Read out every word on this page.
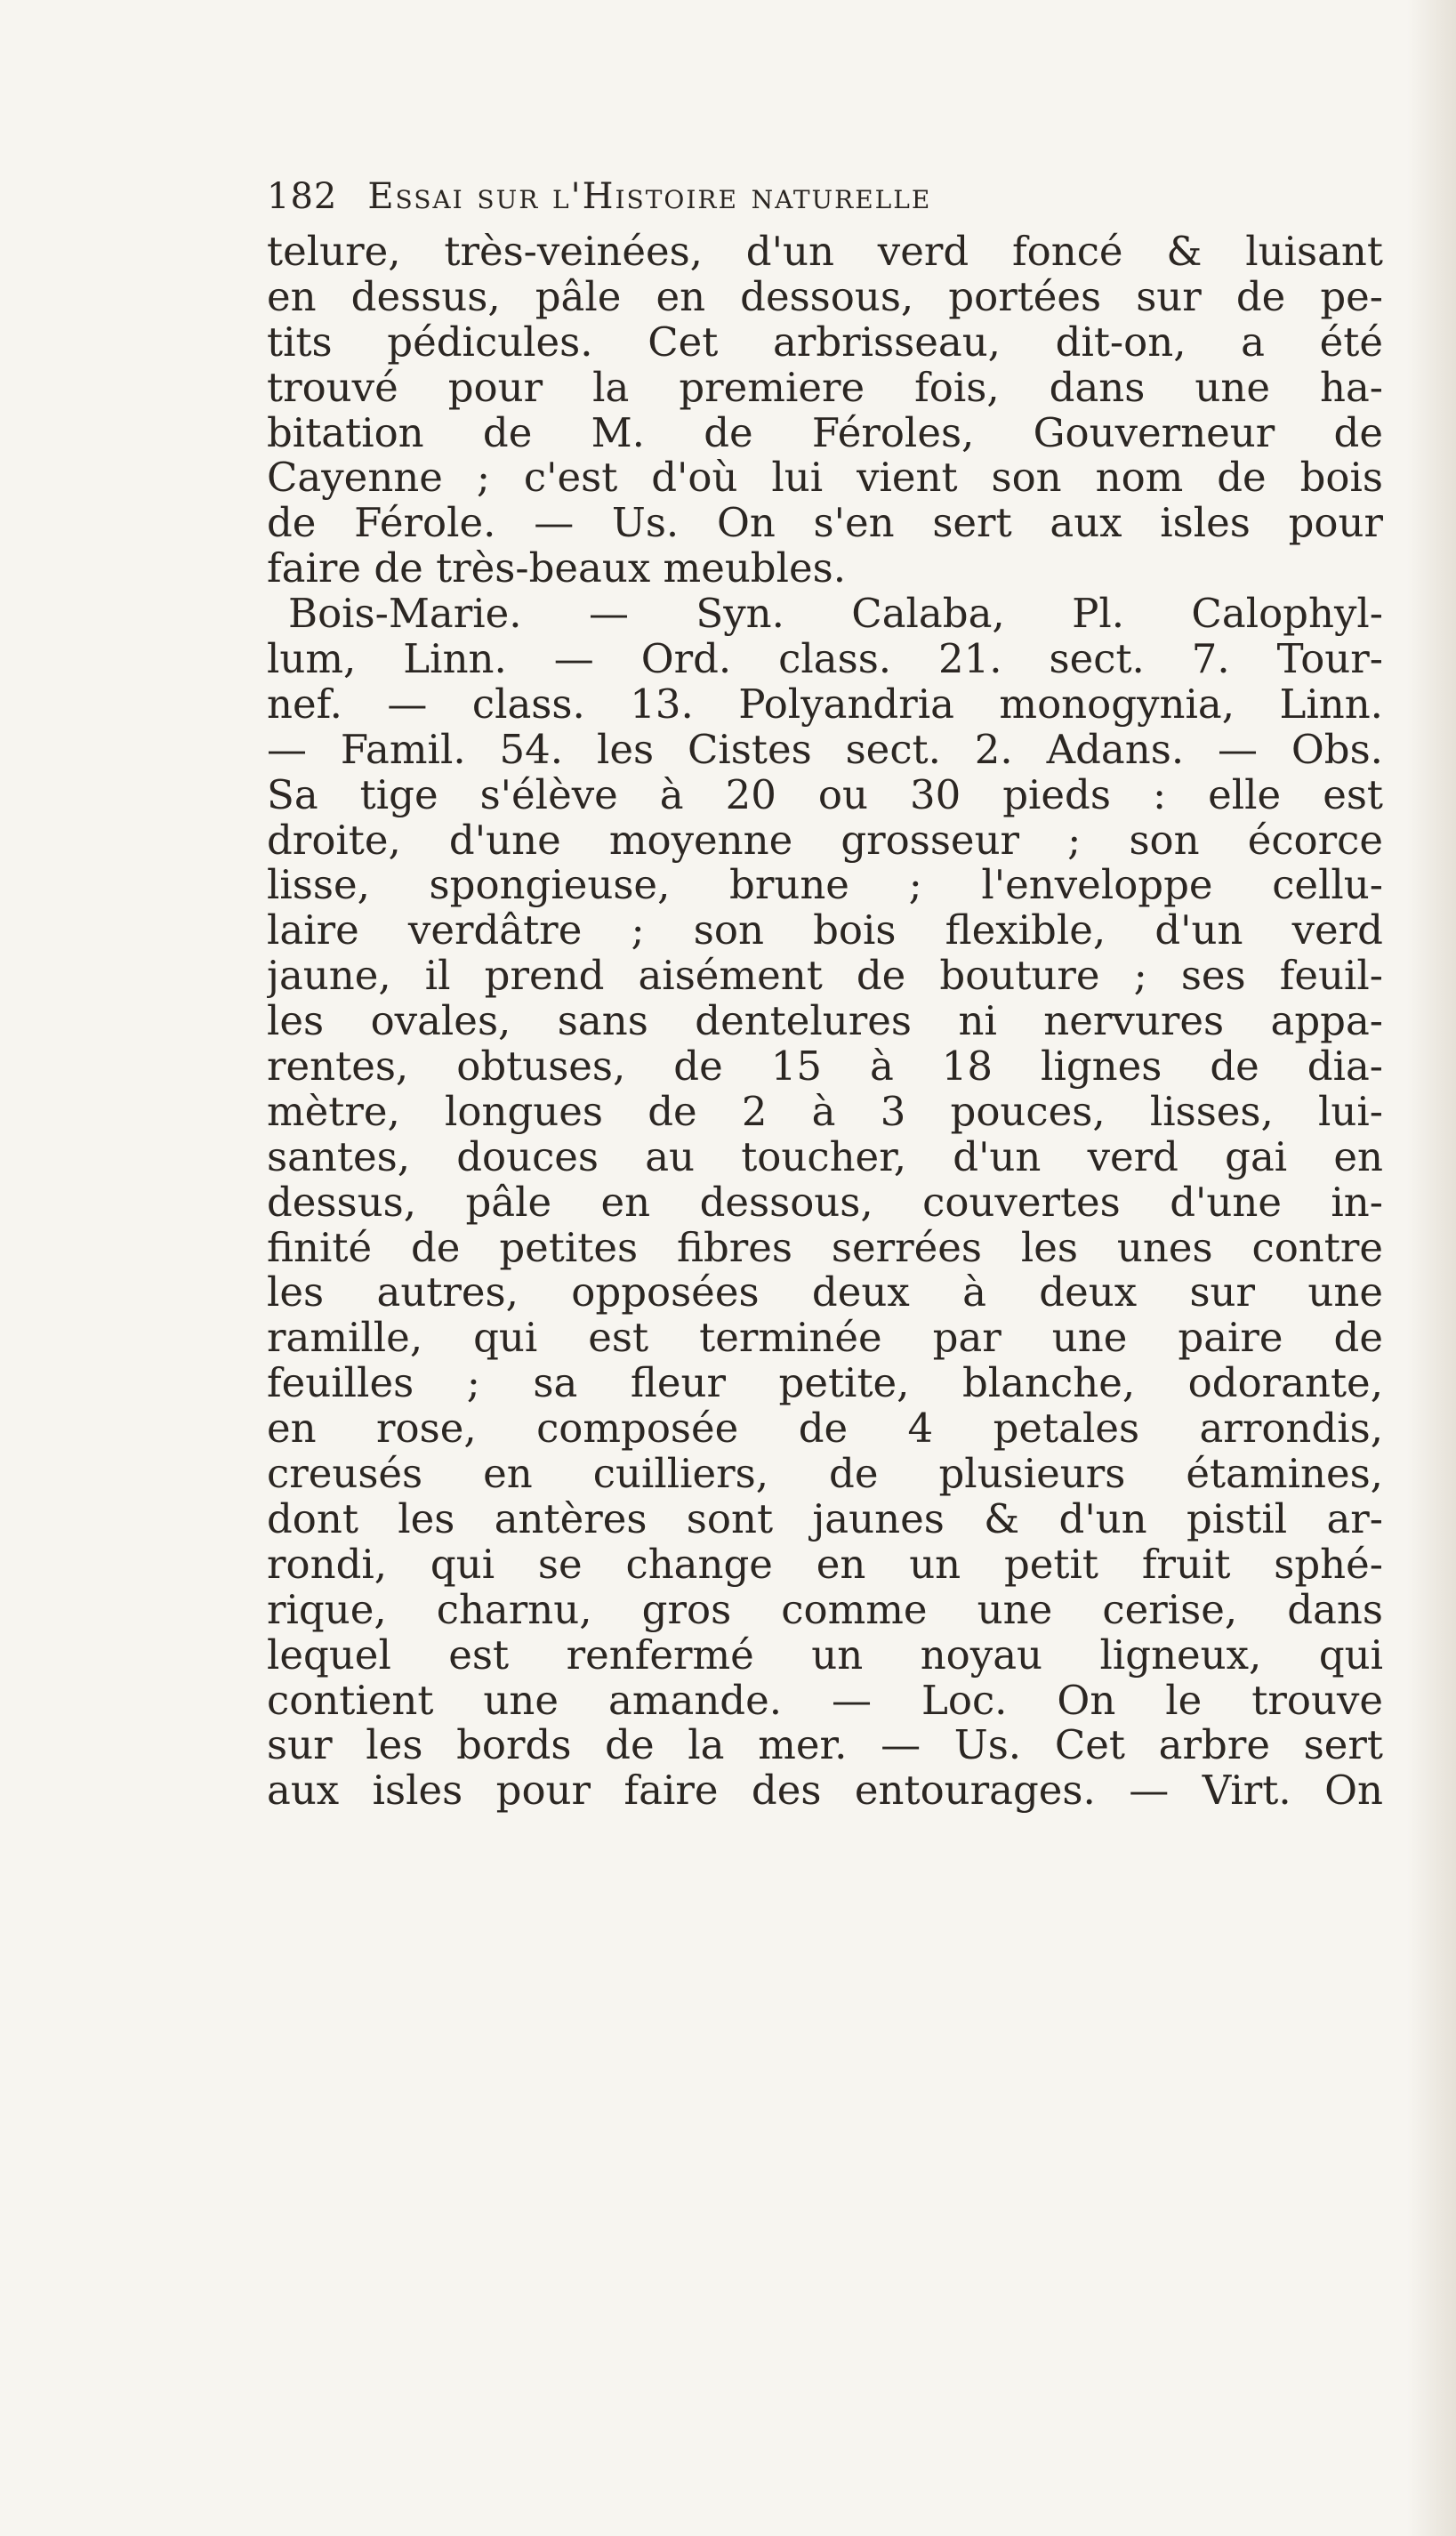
182 Essai sur l'Histoire naturelle
telure, très-veinées, d'un verd foncé & luisant
en dessus, pâle en dessous, portées sur de pe-
tits pédicules. Cet arbrisseau, dit-on, a été
trouvé pour la premiere fois, dans une ha-
bitation de M. de Féroles, Gouverneur de
Cayenne ; c'est d'où lui vient son nom de bois
de Férole. — Us. On s'en sert aux isles pour
faire de très-beaux meubles.
Bois-Marie. — Syn. Calaba, Pl. Calophyl-
lum, Linn. — Ord. class. 21. sect. 7. Tour-
nef. — class. 13. Polyandria monogynia, Linn.
— Famil. 54. les Cistes sect. 2. Adans. — Obs.
Sa tige s'élève à 20 ou 30 pieds : elle est
droite, d'une moyenne grosseur ; son écorce
lisse, spongieuse, brune ; l'enveloppe cellu-
laire verdâtre ; son bois flexible, d'un verd
jaune, il prend aisément de bouture ; ses feuil-
les ovales, sans dentelures ni nervures appa-
rentes, obtuses, de 15 à 18 lignes de dia-
mètre, longues de 2 à 3 pouces, lisses, lui-
santes, douces au toucher, d'un verd gai en
dessus, pâle en dessous, couvertes d'une in-
finité de petites fibres serrées les unes contre
les autres, opposées deux à deux sur une
ramille, qui est terminée par une paire de
feuilles ; sa fleur petite, blanche, odorante,
en rose, composée de 4 petales arrondis,
creusés en cuilliers, de plusieurs étamines,
dont les antères sont jaunes & d'un pistil ar-
rondi, qui se change en un petit fruit sphé-
rique, charnu, gros comme une cerise, dans
lequel est renfermé un noyau ligneux, qui
contient une amande. — Loc. On le trouve
sur les bords de la mer. — Us. Cet arbre sert
aux isles pour faire des entourages. — Virt. On
